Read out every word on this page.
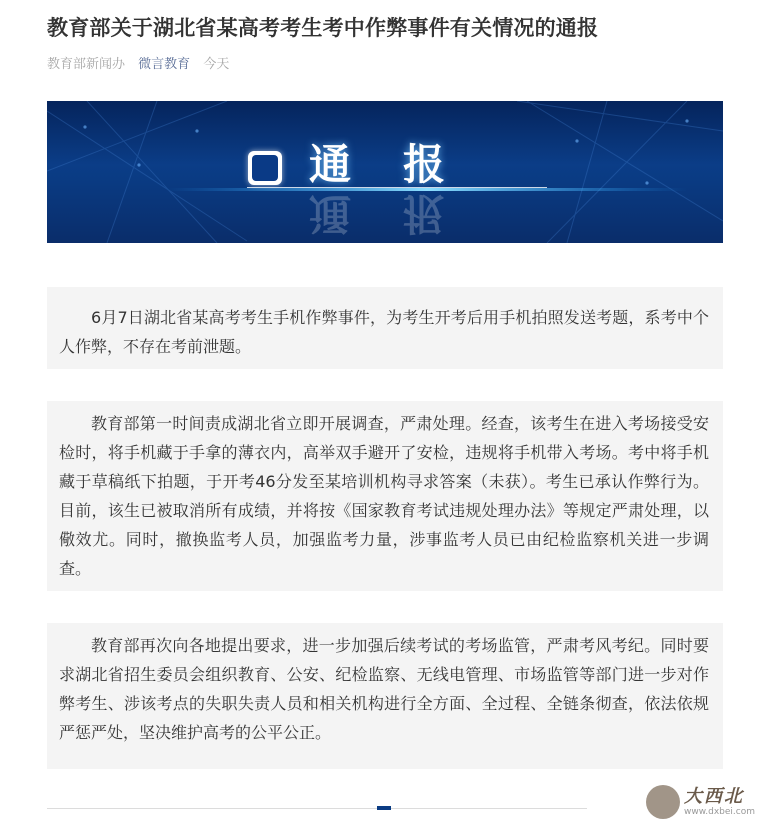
教育部关于湖北省某高考考生考中作弊事件有关情况的通报
教育部新闻办 微言教育 今天
通报
通报

6月7日湖北省某高考考生手机作弊事件，为考生开考后用手机拍照发送考题，系考中个人作弊，不存在考前泄题。

教育部第一时间责成湖北省立即开展调查，严肃处理。经查，该考生在进入考场接受安检时，将手机藏于手拿的薄衣内，高举双手避开了安检，违规将手机带入考场。考中将手机藏于草稿纸下拍题，于开考46分发至某培训机构寻求答案（未获）。考生已承认作弊行为。目前，该生已被取消所有成绩，并将按《国家教育考试违规处理办法》等规定严肃处理，以儆效尤。同时，撤换监考人员，加强监考力量，涉事监考人员已由纪检监察机关进一步调查。

教育部再次向各地提出要求，进一步加强后续考试的考场监管，严肃考风考纪。同时要求湖北省招生委员会组织教育、公安、纪检监察、无线电管理、市场监管等部门进一步对作弊考生、涉该考点的失职失责人员和相关机构进行全方面、全过程、全链条彻查，依法依规严惩严处，坚决维护高考的公平公正。

大西北
www.dxbei.com
